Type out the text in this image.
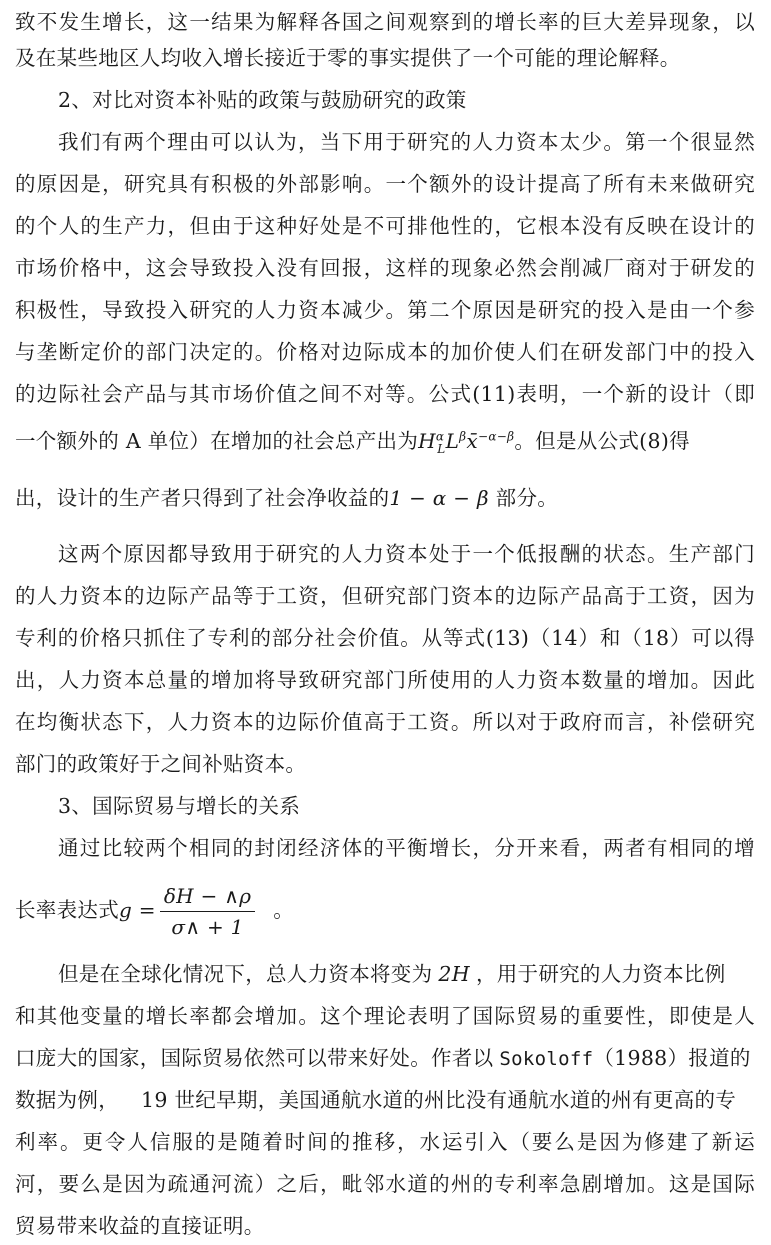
致不发生增长，这一结果为解释各国之间观察到的增长率的巨大差异现象，以
及在某些地区人均收入增长接近于零的事实提供了一个可能的理论解释。
2、对比对资本补贴的政策与鼓励研究的政策
我们有两个理由可以认为，当下用于研究的人力资本太少。第一个很显然
的原因是，研究具有积极的外部影响。一个额外的设计提高了所有未来做研究
的个人的生产力，但由于这种好处是不可排他性的，它根本没有反映在设计的
市场价格中，这会导致投入没有回报，这样的现象必然会削减厂商对于研发的
积极性，导致投入研究的人力资本减少。第二个原因是研究的投入是由一个参
与垄断定价的部门决定的。价格对边际成本的加价使人们在研发部门中的投入
的边际社会产品与其市场价值之间不对等。公式(11)表明，一个新的设计（即
一个额外的 A 单位）在增加的社会总产出为$H^\alpha_LL^\beta x̄^{-\alpha-\beta}$。但是从公式(8)得
出，设计的生产者只得到了社会净收益的1 − α − β 部分。
这两个原因都导致用于研究的人力资本处于一个低报酬的状态。生产部门
的人力资本的边际产品等于工资，但研究部门资本的边际产品高于工资，因为
专利的价格只抓住了专利的部分社会价值。从等式(13)（14）和（18）可以得
出，人力资本总量的增加将导致研究部门所使用的人力资本数量的增加。因此
在均衡状态下，人力资本的边际价值高于工资。所以对于政府而言，补偿研究
部门的政策好于之间补贴资本。
3、国际贸易与增长的关系
通过比较两个相同的封闭经济体的平衡增长，分开来看，两者有相同的增
长率表达式$g = \frac{\delta H - \wedge\rho}{\sigma\wedge + 1}$ 。
但是在全球化情况下，总人力资本将变为 2H ，用于研究的人力资本比例
和其他变量的增长率都会增加。这个理论表明了国际贸易的重要性，即使是人
口庞大的国家，国际贸易依然可以带来好处。作者以 Sokoloff（1988）报道的
数据为例， 19 世纪早期，美国通航水道的州比没有通航水道的州有更高的专
利率。更令人信服的是随着时间的推移，水运引入（要么是因为修建了新运
河，要么是因为疏通河流）之后，毗邻水道的州的专利率急剧增加。这是国际
贸易带来收益的直接证明。
